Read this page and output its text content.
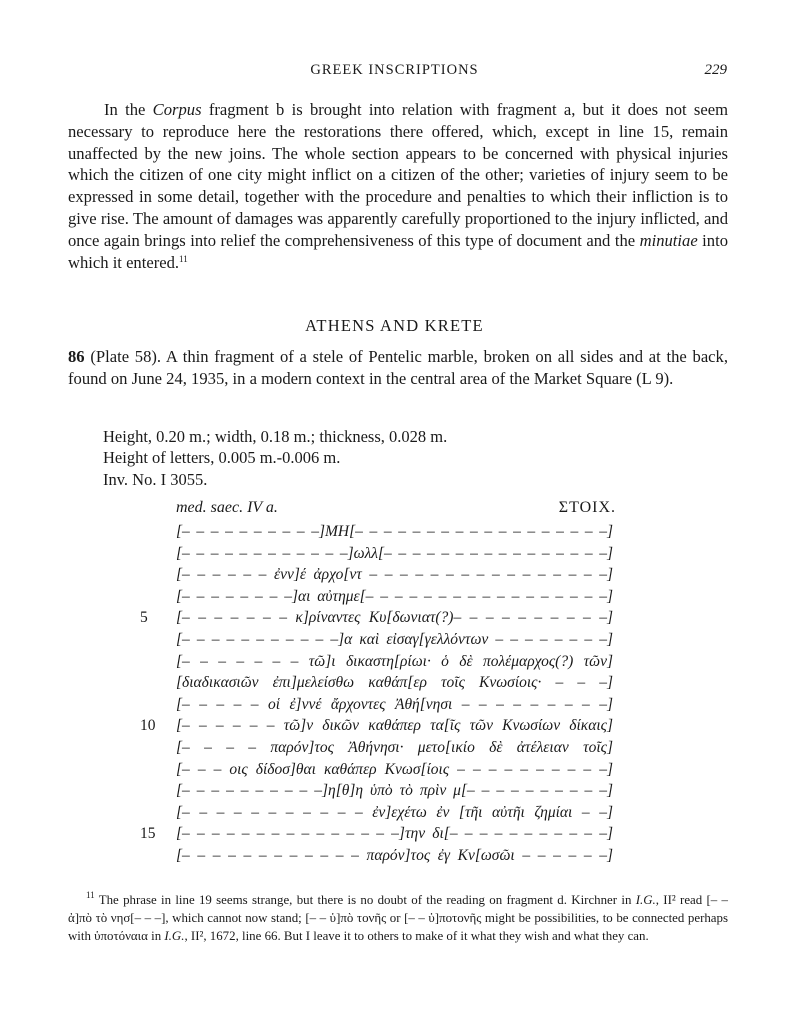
GREEK INSCRIPTIONS	229

In the Corpus fragment b is brought into relation with fragment a, but it does not seem necessary to reproduce here the restorations there offered, which, except in line 15, remain unaffected by the new joins. The whole section appears to be concerned with physical injuries which the citizen of one city might inflict on a citizen of the other; varieties of injury seem to be expressed in some detail, together with the procedure and penalties to which their infliction is to give rise. The amount of damages was apparently carefully proportioned to the injury inflicted, and once again brings into relief the comprehensiveness of this type of document and the minutiae into which it entered.$^{11}$

ATHENS AND KRETE

86 (Plate 58). A thin fragment of a stele of Pentelic marble, broken on all sides and at the back, found on June 24, 1935, in a modern context in the central area of the Market Square (L 9).

Height, 0.20 m.; width, 0.18 m.; thickness, 0.028 m.
Height of letters, 0.005 m.-0.006 m.
Inv. No. I 3055.
med. saec. IV a.	ΣΤΟΙΧ.
[– – – – – – – – – –]ΜΗ[– – – – – – – – – – – – – – – – – –]
[– – – – – – – – – – – –]ωλλ[– – – – – – – – – – – – – – – –]
[– – – – – – ἐνν]έ ἀρχο[ντ – – – – – – – – – – – – – – – –]
[– – – – – – – –]αι αὐτημε[– – – – – – – – – – – – – – – – –]
5	[– – – – – – – κ]ρίναντες Κυ[δωνιατ(?)– – – – – – – – – –]
[– – – – – – – – – – –]α καὶ εἰσαγ[γελλόντων – – – – – – – –]
[– – – – – – – τῶ]ι δικαστη[ρίωι· ὁ δὲ πολέμαρχος(?) τῶν]
[διαδικασιῶν ἐπι]μελείσθω καθάπ[ερ τοῖς Κνωσίοις· – – –]
[– – – – – οἱ ἐ]ννέ ἄρχοντες Ἀθή[νησι – – – – – – – – –]
10	[– – – – – – τῶ]ν δικῶν καθάπερ τα[ῖς τῶν Κνωσίων δίκαις]
[– – – – παρόν]τος Ἀθήνησι· μετο[ικίο δὲ ἀτέλειαν τοῖς]
[– – – οις δίδοσ]θαι καθάπερ Κνωσ[ίοις – – – – – – – – – –]
[– – – – – – – – – –]η[θ]η ὑπὸ τὸ πρὶν μ[– – – – – – – – – –]
[– – – – – – – – – – – ἐν]εχέτω ἐν [τῆι αὐτῆι ζημίαι – –]
15	[– – – – – – – – – – – – – – –]την δι[– – – – – – – – – – –]
[– – – – – – – – – – – – παρόν]τος ἐγ Κν[ωσῶι – – – – – –]

$^{11}$ The phrase in line 19 seems strange, but there is no doubt of the reading on fragment d. Kirchner in I.G., II² read [– – ἀ]πὸ τὸ νησ[– – –], which cannot now stand; [– – ὑ]πὸ τονῆς or [– – ὑ]ποτονῆς might be possibilities, to be connected perhaps with ὑποτόναια in I.G., II², 1672, line 66. But I leave it to others to make of it what they wish and what they can.
